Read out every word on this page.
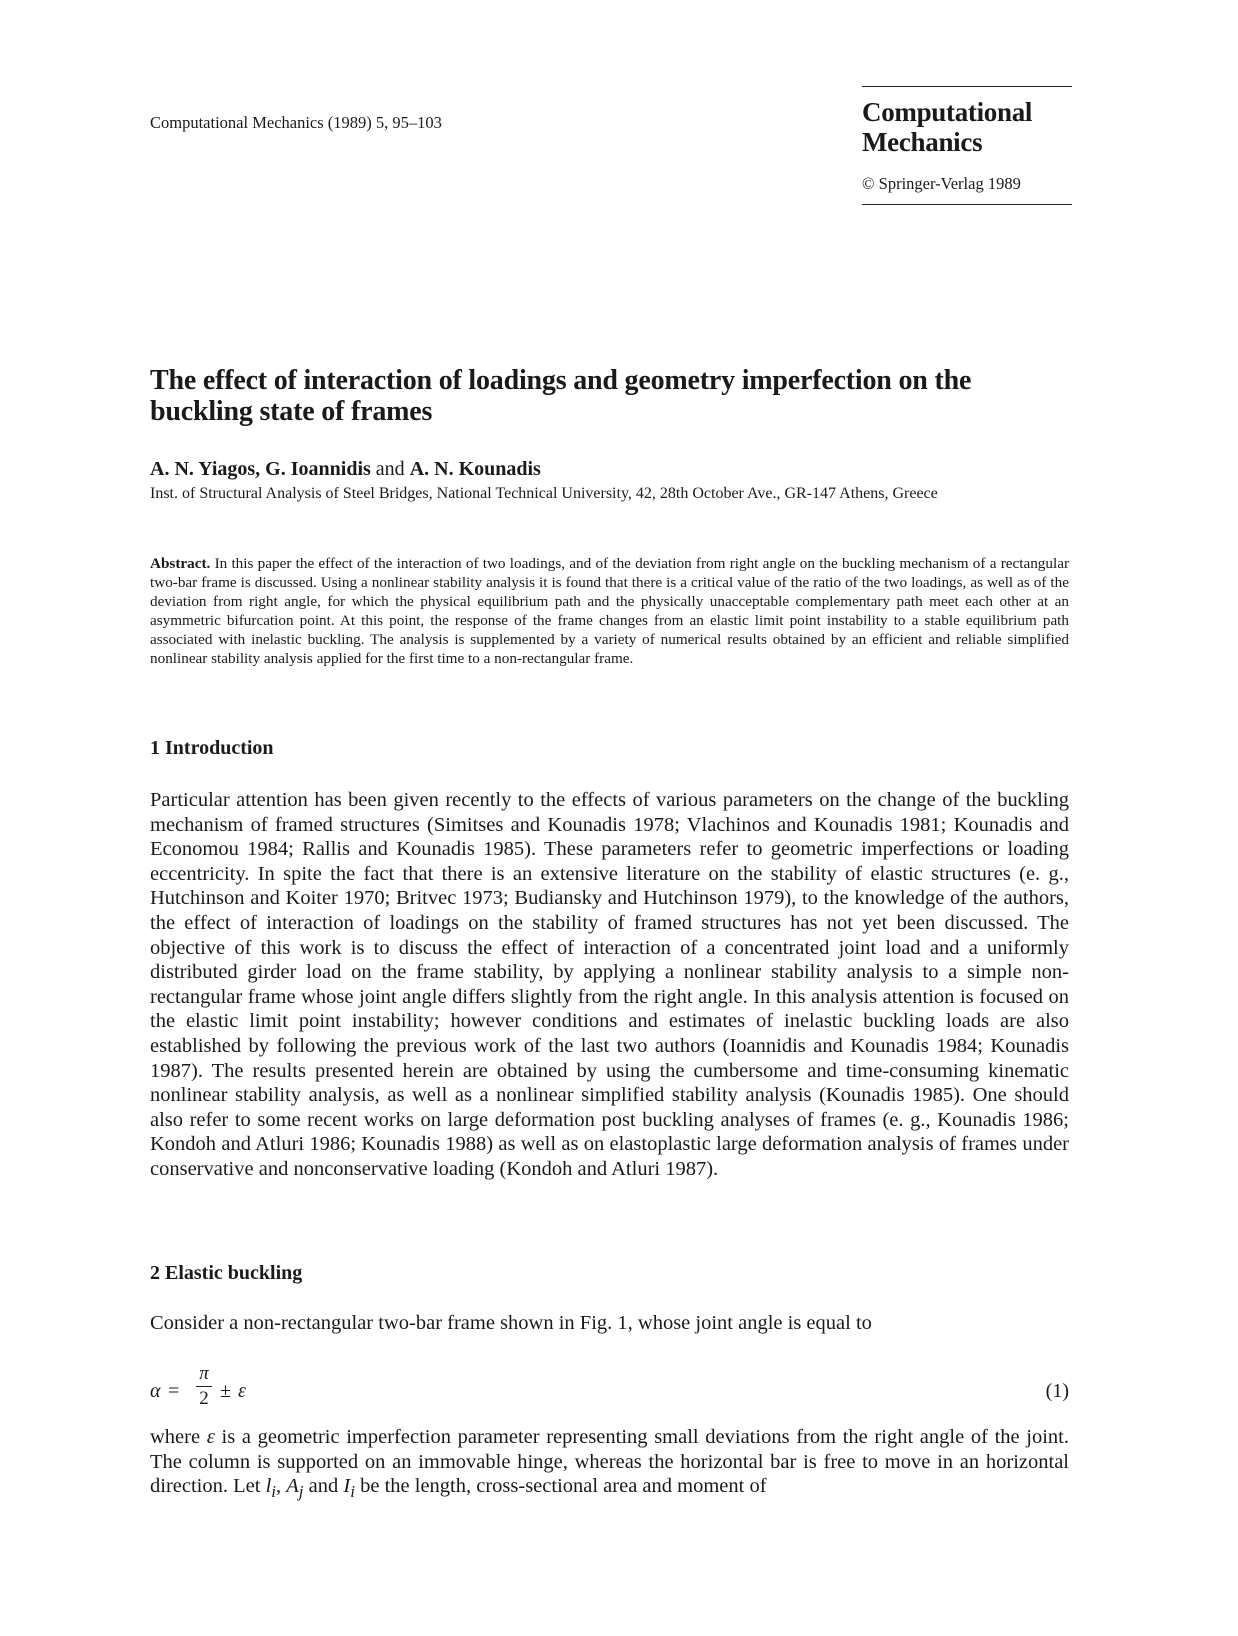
Computational Mechanics (1989) 5, 95–103	Computational Mechanics
© Springer-Verlag 1989
The effect of interaction of loadings and geometry imperfection on the buckling state of frames
A. N. Yiagos, G. Ioannidis and A. N. Kounadis
Inst. of Structural Analysis of Steel Bridges, National Technical University, 42, 28th October Ave., GR-147 Athens, Greece

Abstract. In this paper the effect of the interaction of two loadings, and of the deviation from right angle on the buckling mechanism of a rectangular two-bar frame is discussed. Using a nonlinear stability analysis it is found that there is a critical value of the ratio of the two loadings, as well as of the deviation from right angle, for which the physical equilibrium path and the physically unacceptable complementary path meet each other at an asymmetric bifurcation point. At this point, the response of the frame changes from an elastic limit point instability to a stable equilibrium path associated with inelastic buckling. The analysis is supplemented by a variety of numerical results obtained by an efficient and reliable simplified nonlinear stability analysis applied for the first time to a non-rectangular frame.

1 Introduction

Particular attention has been given recently to the effects of various parameters on the change of the buckling mechanism of framed structures (Simitses and Kounadis 1978; Vlachinos and Kounadis 1981; Kounadis and Economou 1984; Rallis and Kounadis 1985). These parameters refer to geometric imperfections or loading eccentricity. In spite the fact that there is an extensive literature on the stability of elastic structures (e. g., Hutchinson and Koiter 1970; Britvec 1973; Budiansky and Hutchinson 1979), to the knowledge of the authors, the effect of interaction of loadings on the stability of framed structures has not yet been discussed. The objective of this work is to discuss the effect of interaction of a concentrated joint load and a uniformly distributed girder load on the frame stability, by applying a nonlinear stability analysis to a simple non-rectangular frame whose joint angle differs slightly from the right angle. In this analysis attention is focused on the elastic limit point instability; however conditions and estimates of inelastic buckling loads are also established by following the previous work of the last two authors (Ioannidis and Kounadis 1984; Kounadis 1987). The results presented herein are obtained by using the cumbersome and time-consuming kinematic nonlinear stability analysis, as well as a nonlinear simplified stability analysis (Kounadis 1985). One should also refer to some recent works on large deformation post buckling analyses of frames (e. g., Kounadis 1986; Kondoh and Atluri 1986; Kounadis 1988) as well as on elastoplastic large deformation analysis of frames under conservative and nonconservative loading (Kondoh and Atluri 1987).

2 Elastic buckling

Consider a non-rectangular two-bar frame shown in Fig. 1, whose joint angle is equal to

α =
π
2 ± ε	(1)

where ε is a geometric imperfection parameter representing small deviations from the right angle of the joint. The column is supported on an immovable hinge, whereas the horizontal bar is free to move in an horizontal direction. Let $l_i$, $A_j$ and $I_i$ be the length, cross-sectional area and moment of
